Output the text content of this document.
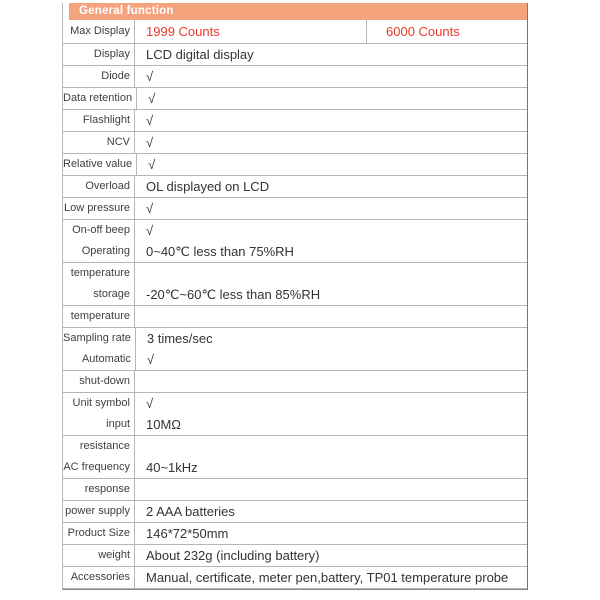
General function
Max Display 1999 Counts	6000 Counts
Display LCD digital display
Diode √
Data retention √
Flashlight √
NCV √
Relative value √
Overload OL displayed on LCD
Low pressure √
On-off beep
Operating
√
0~40℃ less than 75%RH
temperature
storage -20℃~60℃ less than 85%RH
temperature
Sampling rate
Automatic
3 times/sec
√
shut-down
Unit symbol
input
√
10MΩ
resistance
AC frequency 40~1kHz
response
power supply 2 AAA batteries
Product Size 146*72*50mm
weight About 232g (including battery)
Accessories Manual, certificate, meter pen,battery, TP01 temperature probe
